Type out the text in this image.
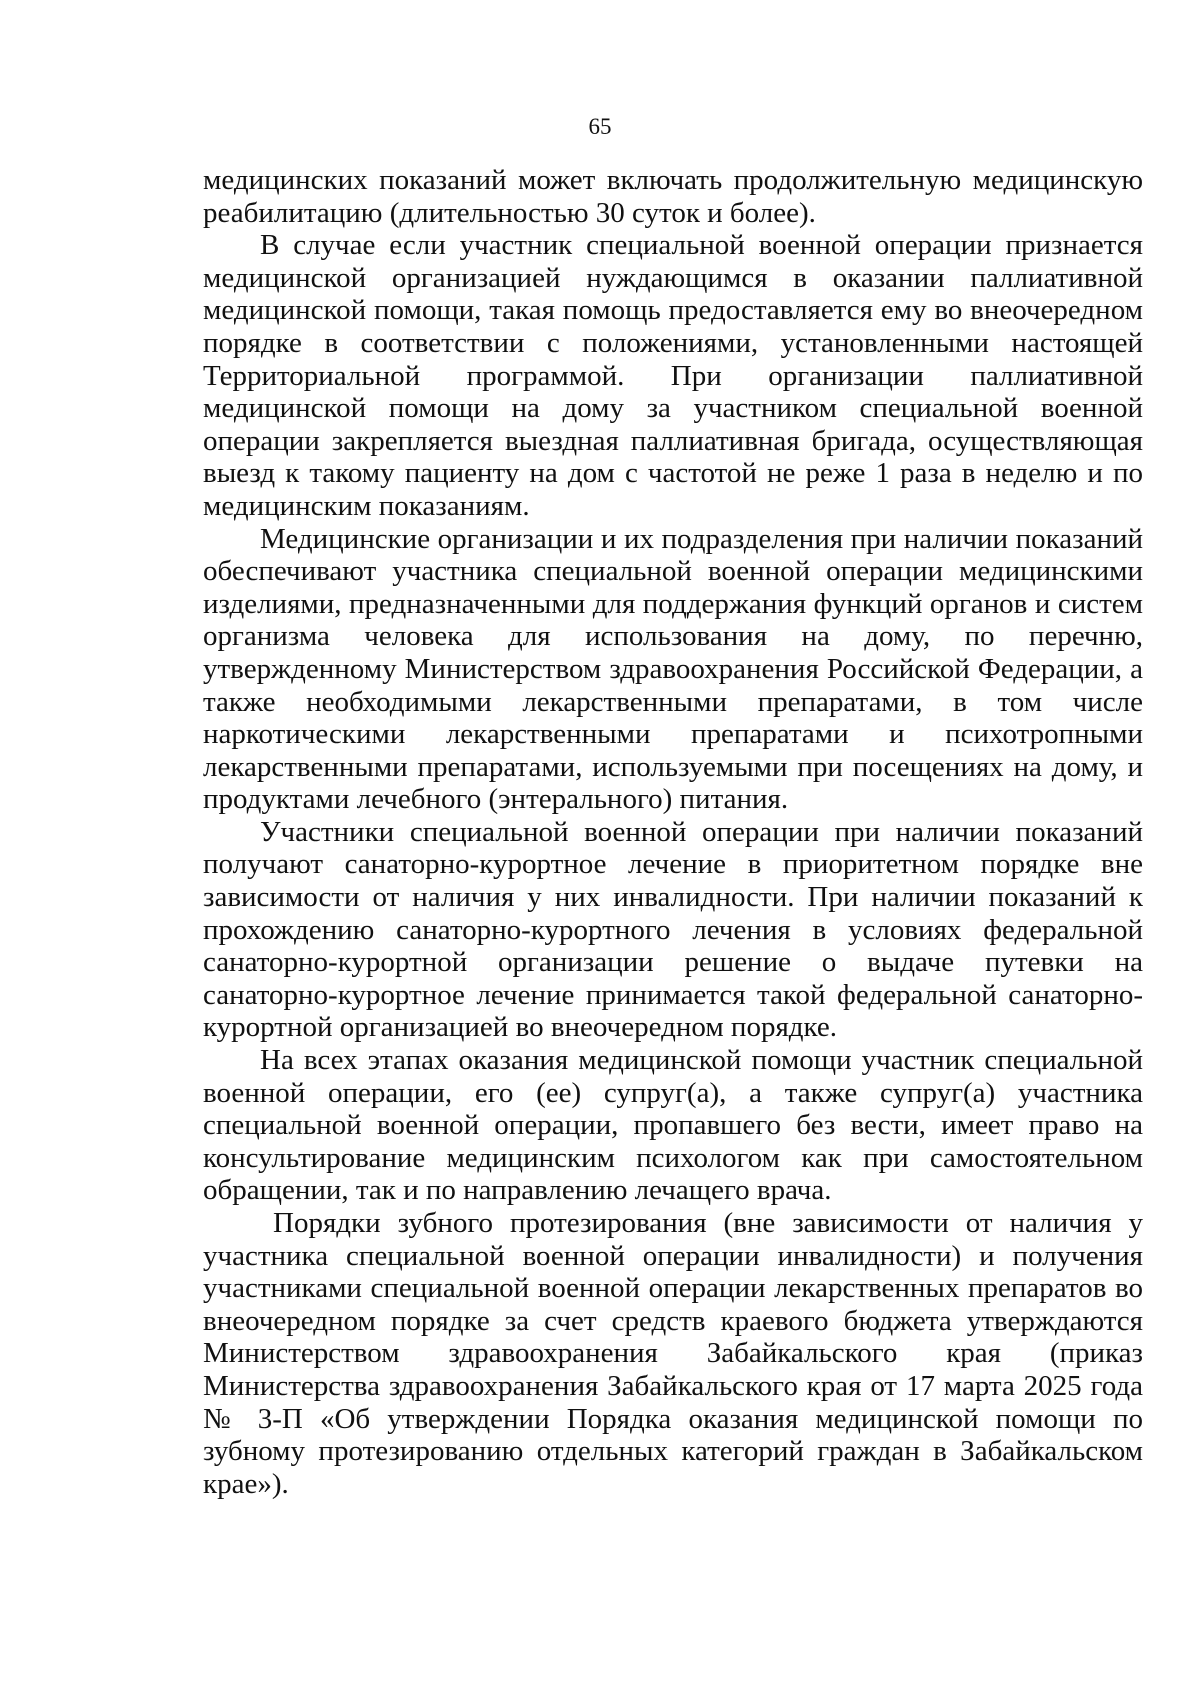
65

медицинских показаний может включать продолжительную медицинскую реабилитацию (длительностью 30 суток и более).

В случае если участник специальной военной операции признается медицинской организацией нуждающимся в оказании паллиативной медицинской помощи, такая помощь предоставляется ему во внеочередном порядке в соответствии с положениями, установленными настоящей Территориальной программой. При организации паллиативной медицинской помощи на дому за участником специальной военной операции закрепляется выездная паллиативная бригада, осуществляющая выезд к такому пациенту на дом с частотой не реже 1 раза в неделю и по медицинским показаниям.

Медицинские организации и их подразделения при наличии показаний обеспечивают участника специальной военной операции медицинскими изделиями, предназначенными для поддержания функций органов и систем организма человека для использования на дому, по перечню, утвержденному Министерством здравоохранения Российской Федерации, а также необходимыми лекарственными препаратами, в том числе наркотическими лекарственными препаратами и психотропными лекарственными препаратами, используемыми при посещениях на дому, и продуктами лечебного (энтерального) питания.

Участники специальной военной операции при наличии показаний получают санаторно-курортное лечение в приоритетном порядке вне зависимости от наличия у них инвалидности. При наличии показаний к прохождению санаторно-курортного лечения в условиях федеральной санаторно-курортной организации решение о выдаче путевки на санаторно-курортное лечение принимается такой федеральной санаторно-курортной организацией во внеочередном порядке.

На всех этапах оказания медицинской помощи участник специальной военной операции, его (ее) супруг(а), а также супруг(а) участника специальной военной операции, пропавшего без вести, имеет право на консультирование медицинским психологом как при самостоятельном обращении, так и по направлению лечащего врача.

Порядки зубного протезирования (вне зависимости от наличия у участника специальной военной операции инвалидности) и получения участниками специальной военной операции лекарственных препаратов во внеочередном порядке за счет средств краевого бюджета утверждаются Министерством здравоохранения Забайкальского края (приказ Министерства здравоохранения Забайкальского края от 17 марта 2025 года № 3-П «Об утверждении Порядка оказания медицинской помощи по зубному протезированию отдельных категорий граждан в Забайкальском крае»).
